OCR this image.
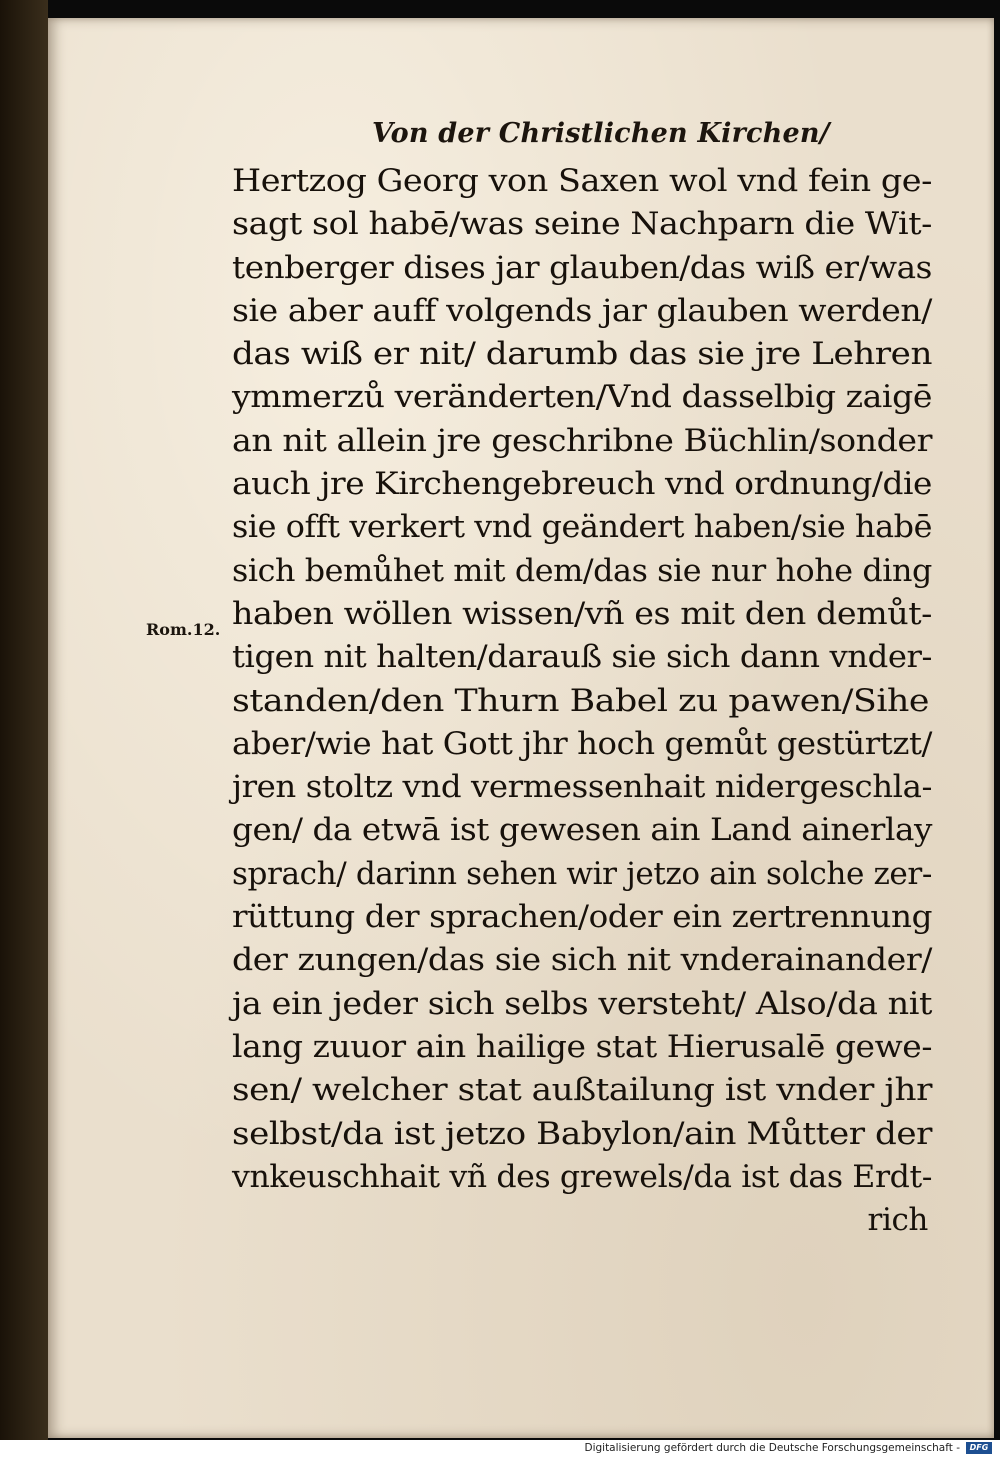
Von der Christlichen Kirchen/
Rom.12.
Hertzog Georg von Saxen wol vnd fein ge-
sagt sol habē/was seine Nachparn die Wit-
tenberger dises jar glauben/das wiß er/was
sie aber auff volgends jar glauben werden/
das wiß er nit/ darumb das sie jre Lehren
ymmerzů veränderten/Vnd dasselbig zaigē
an nit allein jre geschribne Büchlin/sonder
auch jre Kirchengebreuch vnd ordnung/die
sie offt verkert vnd geändert haben/sie habē
sich bemůhet mit dem/das sie nur hohe ding
haben wöllen wissen/vñ es mit den demůt-
tigen nit halten/darauß sie sich dann vnder-
standen/den Thurn Babel zu pawen/Sihe
aber/wie hat Gott jhr hoch gemůt gestürtzt/
jren stoltz vnd vermessenhait nidergeschla-
gen/ da etwā ist gewesen ain Land ainerlay
sprach/ darinn sehen wir jetzo ain solche zer-
rüttung der sprachen/oder ein zertrennung
der zungen/das sie sich nit vnderainander/
ja ein jeder sich selbs versteht/ Also/da nit
lang zuuor ain hailige stat Hierusalē gewe-
sen/ welcher stat außtailung ist vnder jhr
selbst/da ist jetzo Babylon/ain Můtter der
vnkeuschhait vñ des grewels/da ist das Erdt-
rich
Digitalisierung gefördert durch die Deutsche Forschungsgemeinschaft -	DFG
